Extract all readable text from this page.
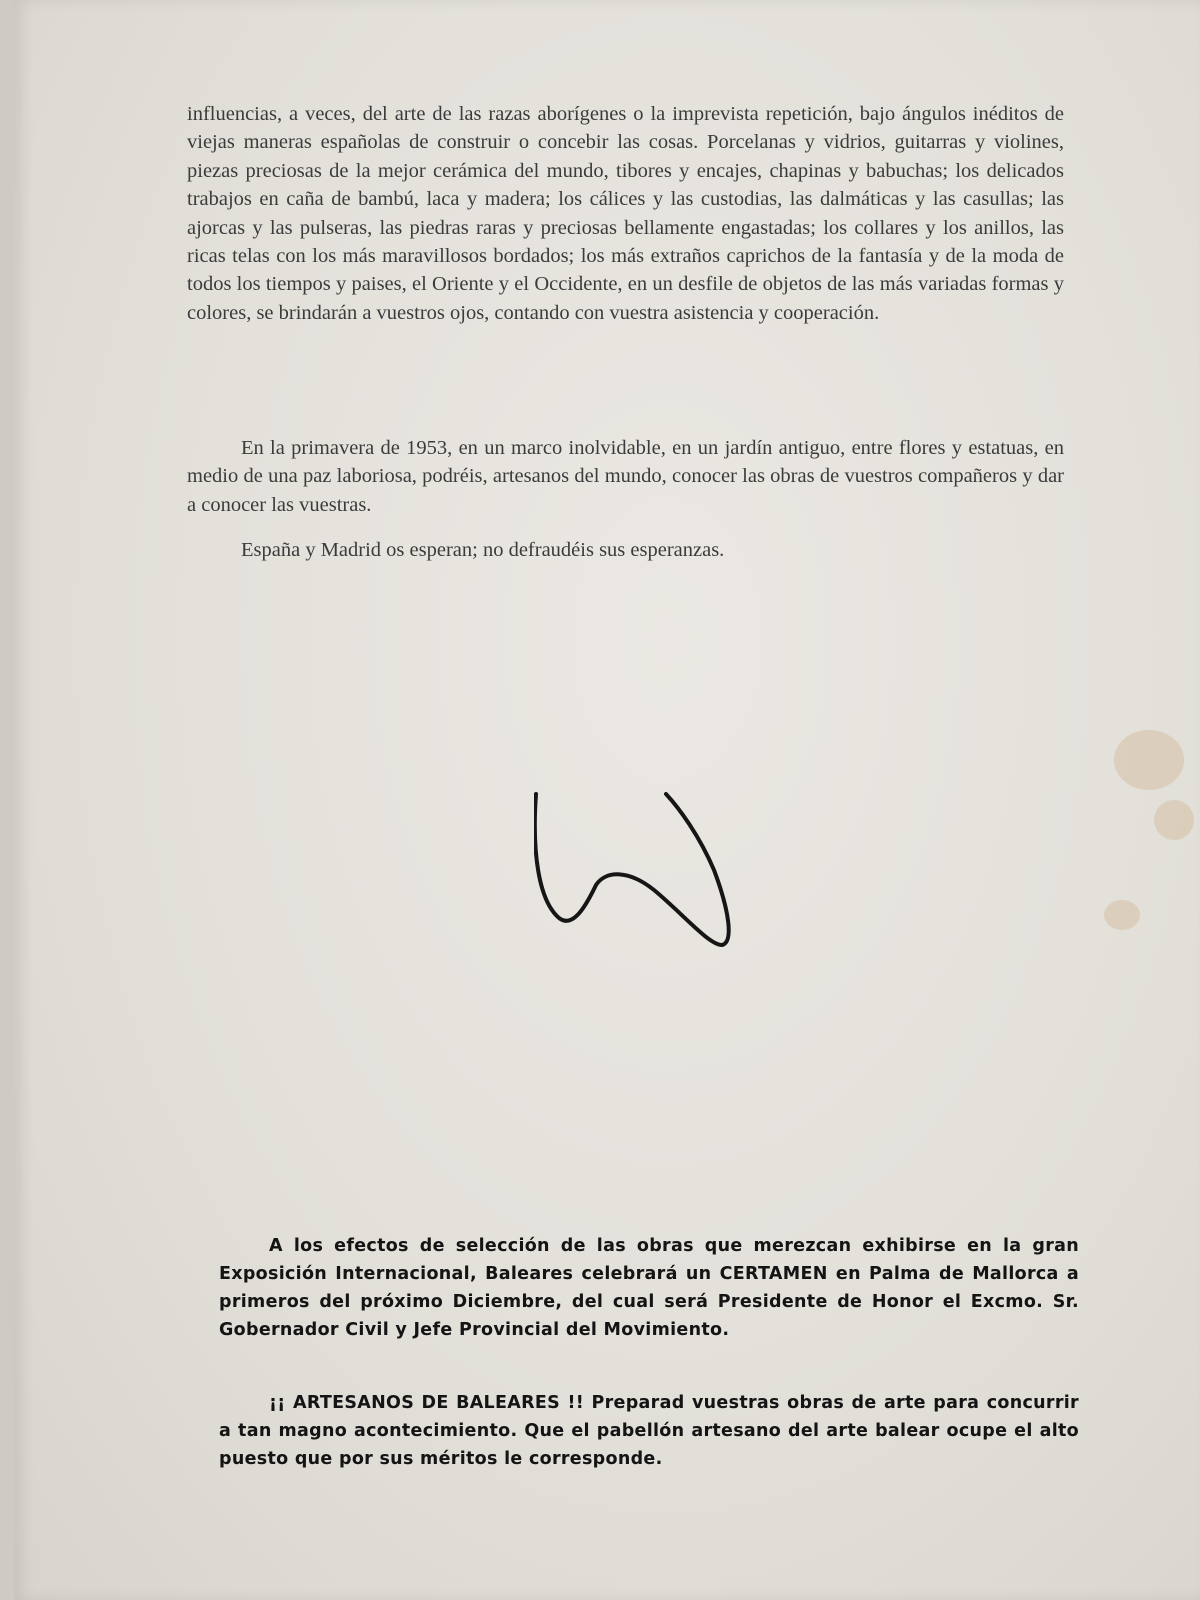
influencias, a veces, del arte de las razas aborígenes o la imprevista repetición, bajo ángulos inéditos de viejas maneras españolas de construir o concebir las cosas. Porcelanas y vidrios, guitarras y violines, piezas preciosas de la mejor cerámica del mundo, tibores y encajes, chapinas y babuchas; los delicados trabajos en caña de bambú, laca y madera; los cálices y las custodias, las dalmáticas y las casullas; las ajorcas y las pulseras, las piedras raras y preciosas bellamente engastadas; los collares y los anillos, las ricas telas con los más maravillosos bordados; los más extraños caprichos de la fantasía y de la moda de todos los tiempos y paises, el Oriente y el Occidente, en un desfile de objetos de las más variadas formas y colores, se brindarán a vuestros ojos, contando con vuestra asistencia y cooperación.

En la primavera de 1953, en un marco inolvidable, en un jardín antiguo, entre flores y estatuas, en medio de una paz laboriosa, podréis, artesanos del mundo, conocer las obras de vuestros compañeros y dar a conocer las vuestras.

España y Madrid os esperan; no defraudéis sus esperanzas.

A los efectos de selección de las obras que merezcan exhibirse en la gran Exposición Internacional, Baleares celebrará un CERTAMEN en Palma de Mallorca a primeros del próximo Diciembre, del cual será Presidente de Honor el Excmo. Sr. Gobernador Civil y Jefe Provincial del Movimiento.

¡¡ ARTESANOS DE BALEARES !! Preparad vuestras obras de arte para concurrir a tan magno acontecimiento. Que el pabellón artesano del arte balear ocupe el alto puesto que por sus méritos le corresponde.
